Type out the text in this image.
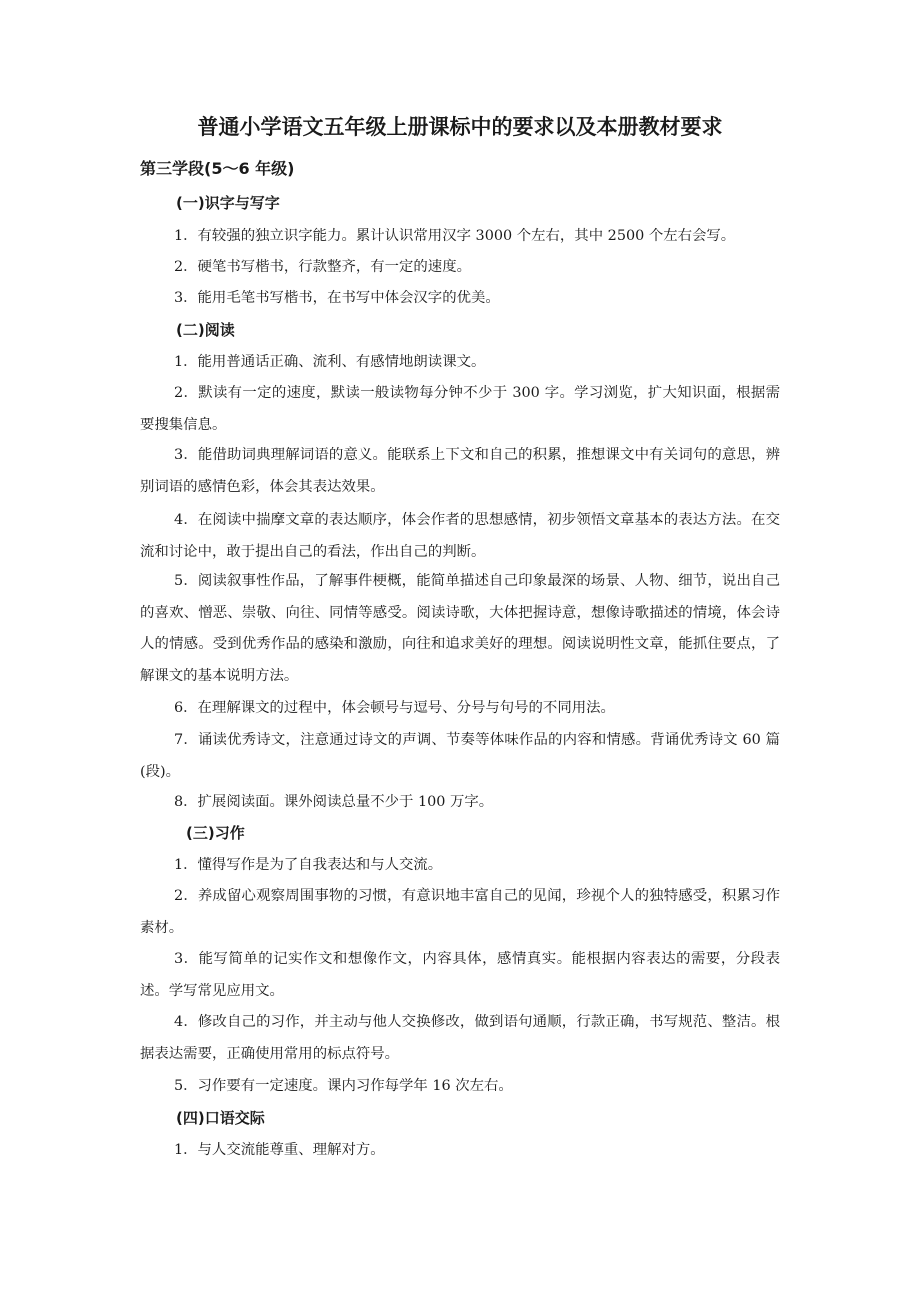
普通小学语文五年级上册课标中的要求以及本册教材要求
第三学段(5～6 年级)
(一)识字与写字

1．有较强的独立识字能力。累计认识常用汉字 3000 个左右，其中 2500 个左右会写。

2．硬笔书写楷书，行款整齐，有一定的速度。

3．能用毛笔书写楷书，在书写中体会汉字的优美。

(二)阅读

1．能用普通话正确、流利、有感情地朗读课文。

2．默读有一定的速度，默读一般读物每分钟不少于 300 字。学习浏览，扩大知识面，根据需要搜集信息。

3．能借助词典理解词语的意义。能联系上下文和自己的积累，推想课文中有关词句的意思，辨别词语的感情色彩，体会其表达效果。

4．在阅读中揣摩文章的表达顺序，体会作者的思想感情，初步领悟文章基本的表达方法。在交流和讨论中，敢于提出自己的看法，作出自己的判断。

5．阅读叙事性作品，了解事件梗概，能简单描述自己印象最深的场景、人物、细节，说出自己的喜欢、憎恶、崇敬、向往、同情等感受。阅读诗歌，大体把握诗意，想像诗歌描述的情境，体会诗人的情感。受到优秀作品的感染和激励，向往和追求美好的理想。阅读说明性文章，能抓住要点，了解课文的基本说明方法。

6．在理解课文的过程中，体会顿号与逗号、分号与句号的不同用法。

7．诵读优秀诗文，注意通过诗文的声调、节奏等体味作品的内容和情感。背诵优秀诗文 60 篇(段)。

8．扩展阅读面。课外阅读总量不少于 100 万字。

(三)习作

1．懂得写作是为了自我表达和与人交流。

2．养成留心观察周围事物的习惯，有意识地丰富自己的见闻，珍视个人的独特感受，积累习作素材。

3．能写简单的记实作文和想像作文，内容具体，感情真实。能根据内容表达的需要，分段表述。学写常见应用文。

4．修改自己的习作，并主动与他人交换修改，做到语句通顺，行款正确，书写规范、整洁。根据表达需要，正确使用常用的标点符号。

5．习作要有一定速度。课内习作每学年 16 次左右。

(四)口语交际

1．与人交流能尊重、理解对方。
